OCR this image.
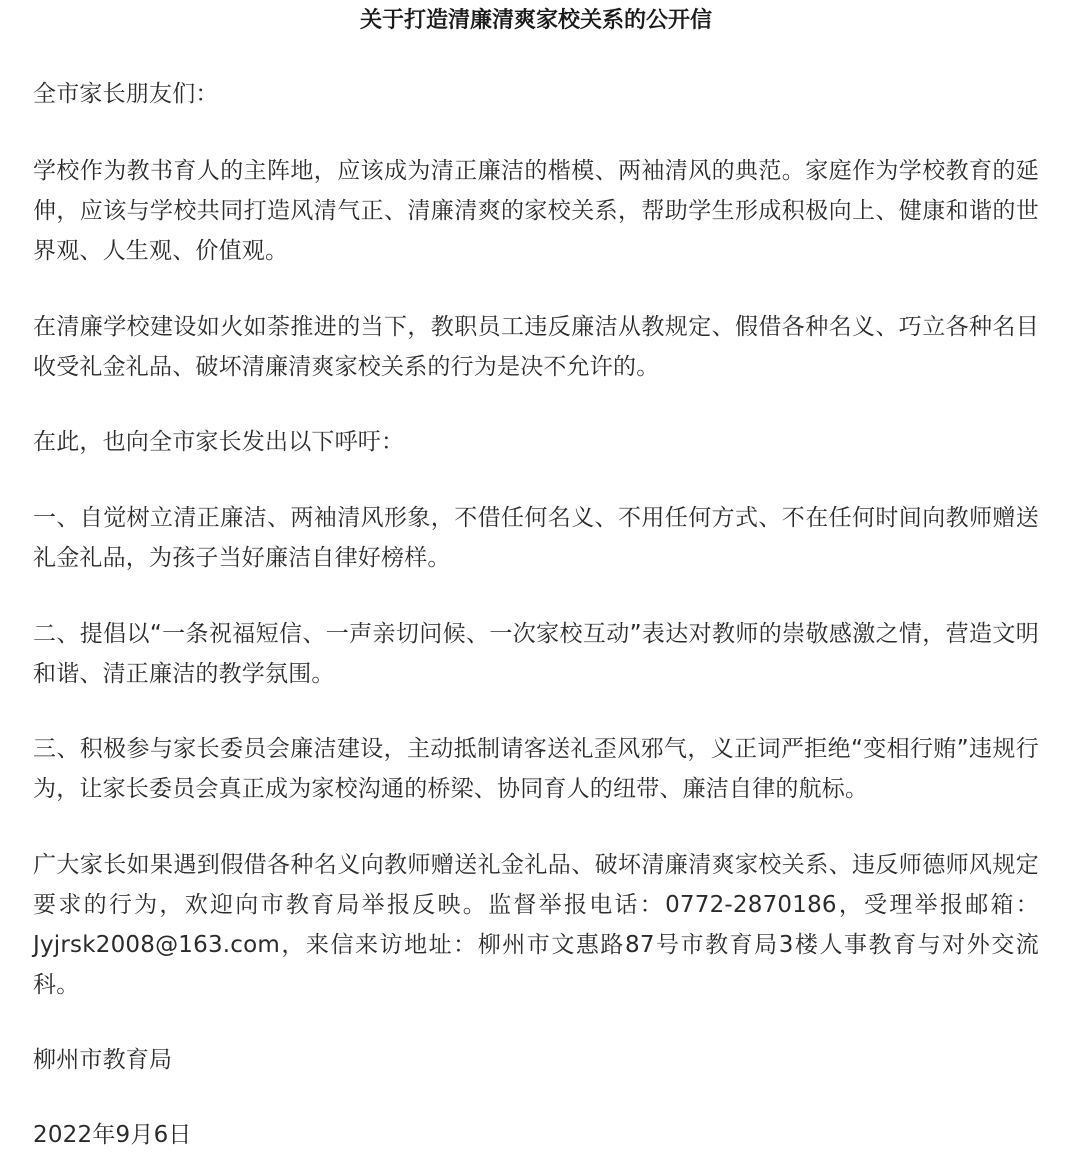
关于打造清廉清爽家校关系的公开信

全市家长朋友们：

学校作为教书育人的主阵地，应该成为清正廉洁的楷模、两袖清风的典范。家庭作为学校教育的延伸，应该与学校共同打造风清气正、清廉清爽的家校关系，帮助学生形成积极向上、健康和谐的世界观、人生观、价值观。

在清廉学校建设如火如荼推进的当下，教职员工违反廉洁从教规定、假借各种名义、巧立各种名目收受礼金礼品、破坏清廉清爽家校关系的行为是决不允许的。

在此，也向全市家长发出以下呼吁：

一、自觉树立清正廉洁、两袖清风形象，不借任何名义、不用任何方式、不在任何时间向教师赠送礼金礼品，为孩子当好廉洁自律好榜样。

二、提倡以“一条祝福短信、一声亲切问候、一次家校互动”表达对教师的崇敬感激之情，营造文明和谐、清正廉洁的教学氛围。

三、积极参与家长委员会廉洁建设，主动抵制请客送礼歪风邪气，义正词严拒绝“变相行贿”违规行为，让家长委员会真正成为家校沟通的桥梁、协同育人的纽带、廉洁自律的航标。

广大家长如果遇到假借各种名义向教师赠送礼金礼品、破坏清廉清爽家校关系、违反师德师风规定要求的行为，欢迎向市教育局举报反映。监督举报电话：0772-2870186，受理举报邮箱：Jyjrsk2008@163.com，来信来访地址：柳州市文惠路87号市教育局3楼人事教育与对外交流科。

柳州市教育局

2022年9月6日
